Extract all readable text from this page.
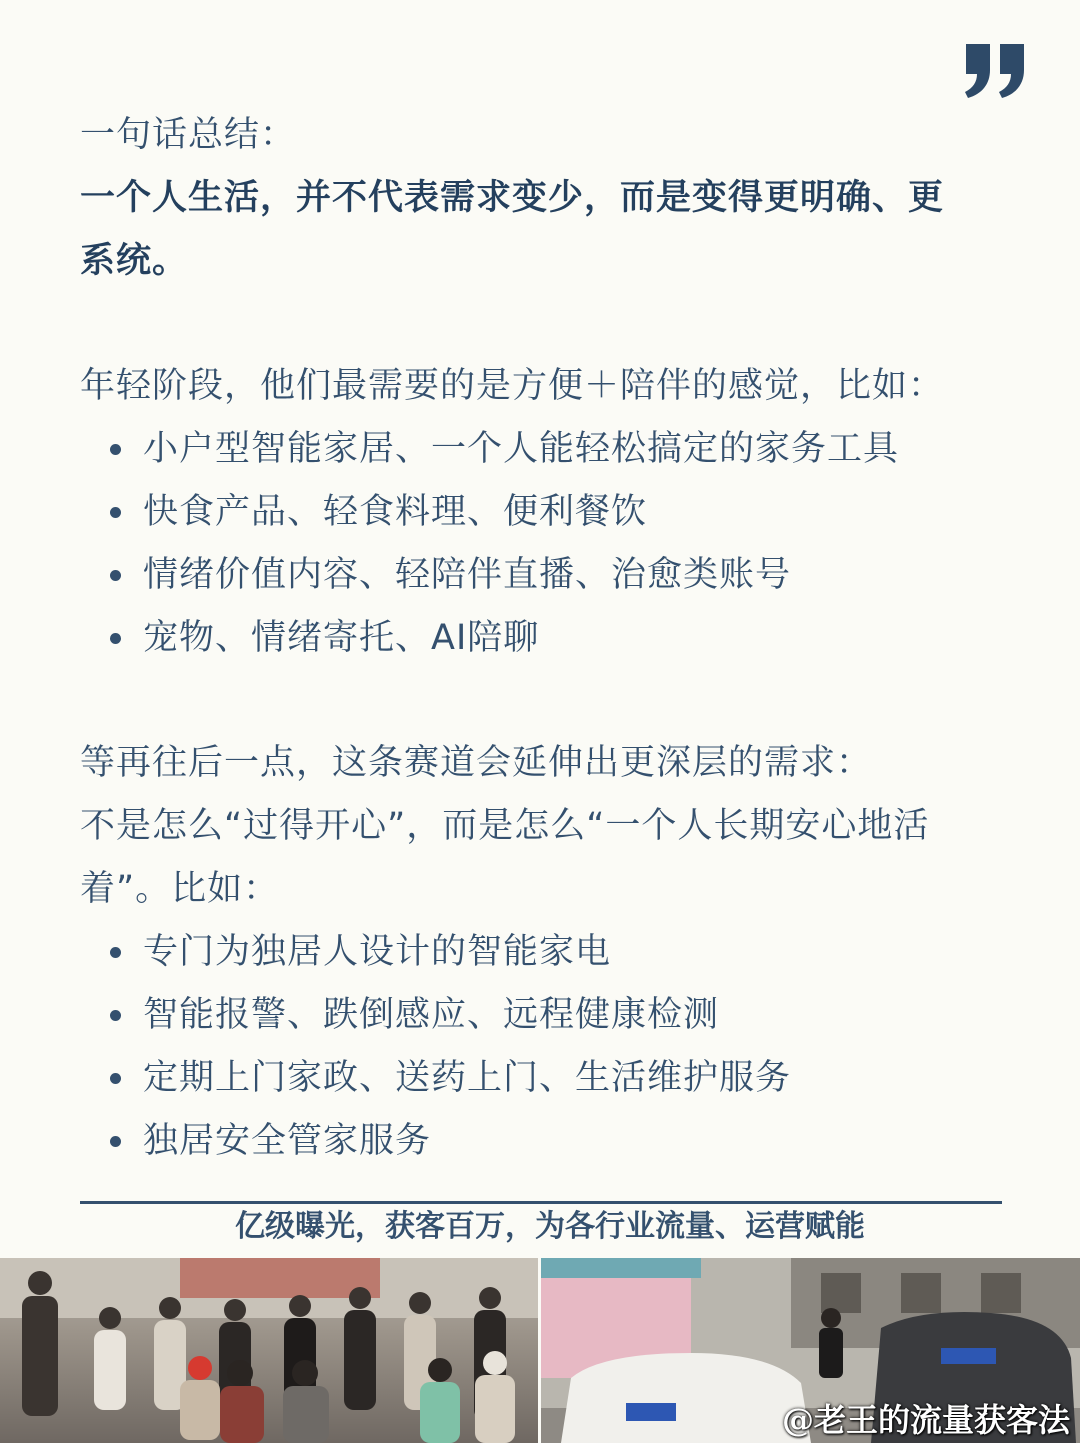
一句话总结：
一个人生活，并不代表需求变少，而是变得更明确、更
系统。
年轻阶段，他们最需要的是方便＋陪伴的感觉，比如：
小户型智能家居、一个人能轻松搞定的家务工具
快食产品、轻食料理、便利餐饮
情绪价值内容、轻陪伴直播、治愈类账号
宠物、情绪寄托、AI陪聊
等再往后一点，这条赛道会延伸出更深层的需求：
不是怎么“过得开心”，而是怎么“一个人长期安心地活
着”。比如：
专门为独居人设计的智能家电
智能报警、跌倒感应、远程健康检测
定期上门家政、送药上门、生活维护服务
独居安全管家服务
亿级曝光，获客百万，为各行业流量、运营赋能
@老王的流量获客法
